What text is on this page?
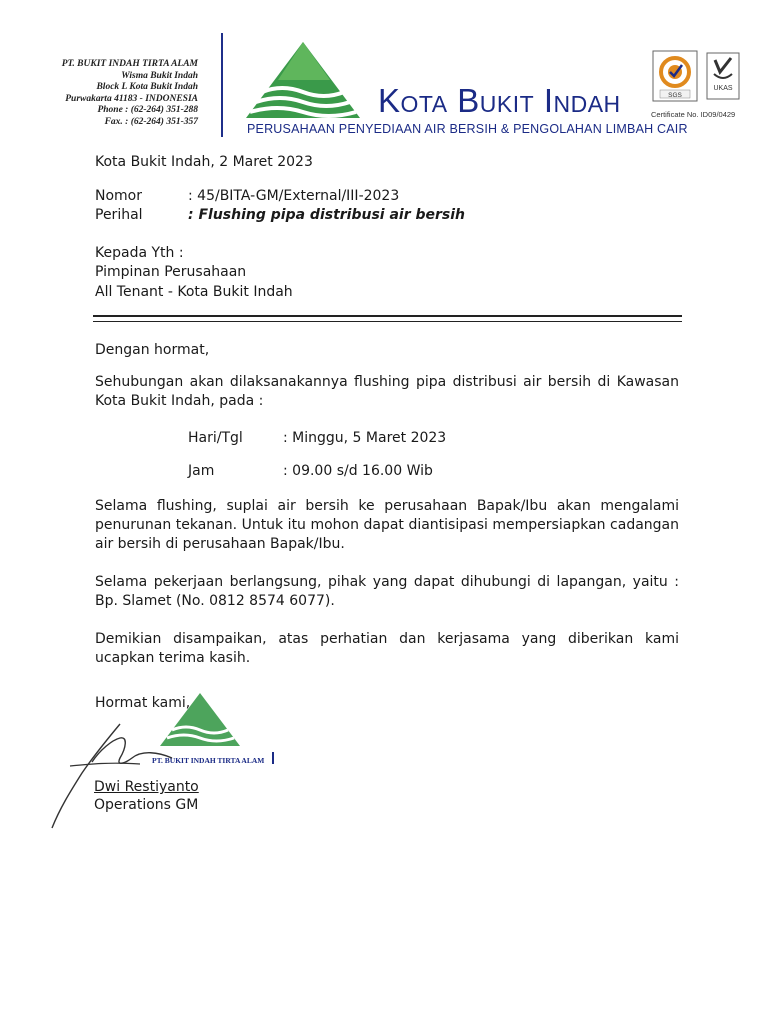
PT. BUKIT INDAH TIRTA ALAM
Wisma Bukit Indah
Block L Kota Bukit Indah
Purwakarta 41183 - INDONESIA
Phone : (62-264) 351-288
Fax. : (62-264) 351-357
Kota Bukit Indah
PERUSAHAAN PENYEDIAAN AIR BERSIH & PENGOLAHAN LIMBAH CAIR
SGS
UKAS
Certificate No. ID09/0429
Kota Bukit Indah, 2 Maret 2023
Nomor	: 45/BITA-GM/External/III-2023
Perihal	: Flushing pipa distribusi air bersih
Kepada Yth :
Pimpinan Perusahaan
All Tenant - Kota Bukit Indah
Dengan hormat,
Sehubungan akan dilaksanakannya flushing pipa distribusi air bersih di Kawasan Kota Bukit Indah, pada :
Hari/Tgl	: Minggu, 5 Maret 2023
Jam	: 09.00 s/d 16.00 Wib
Selama flushing, suplai air bersih ke perusahaan Bapak/Ibu akan mengalami penurunan tekanan. Untuk itu mohon dapat diantisipasi mempersiapkan cadangan air bersih di perusahaan Bapak/Ibu.
Selama pekerjaan berlangsung, pihak yang dapat dihubungi di lapangan, yaitu : Bp. Slamet (No. 0812 8574 6077).
Demikian disampaikan, atas perhatian dan kerjasama yang diberikan kami ucapkan terima kasih.
Hormat kami,
PT. BUKIT INDAH TIRTA ALAM
Dwi Restiyanto
Operations GM
